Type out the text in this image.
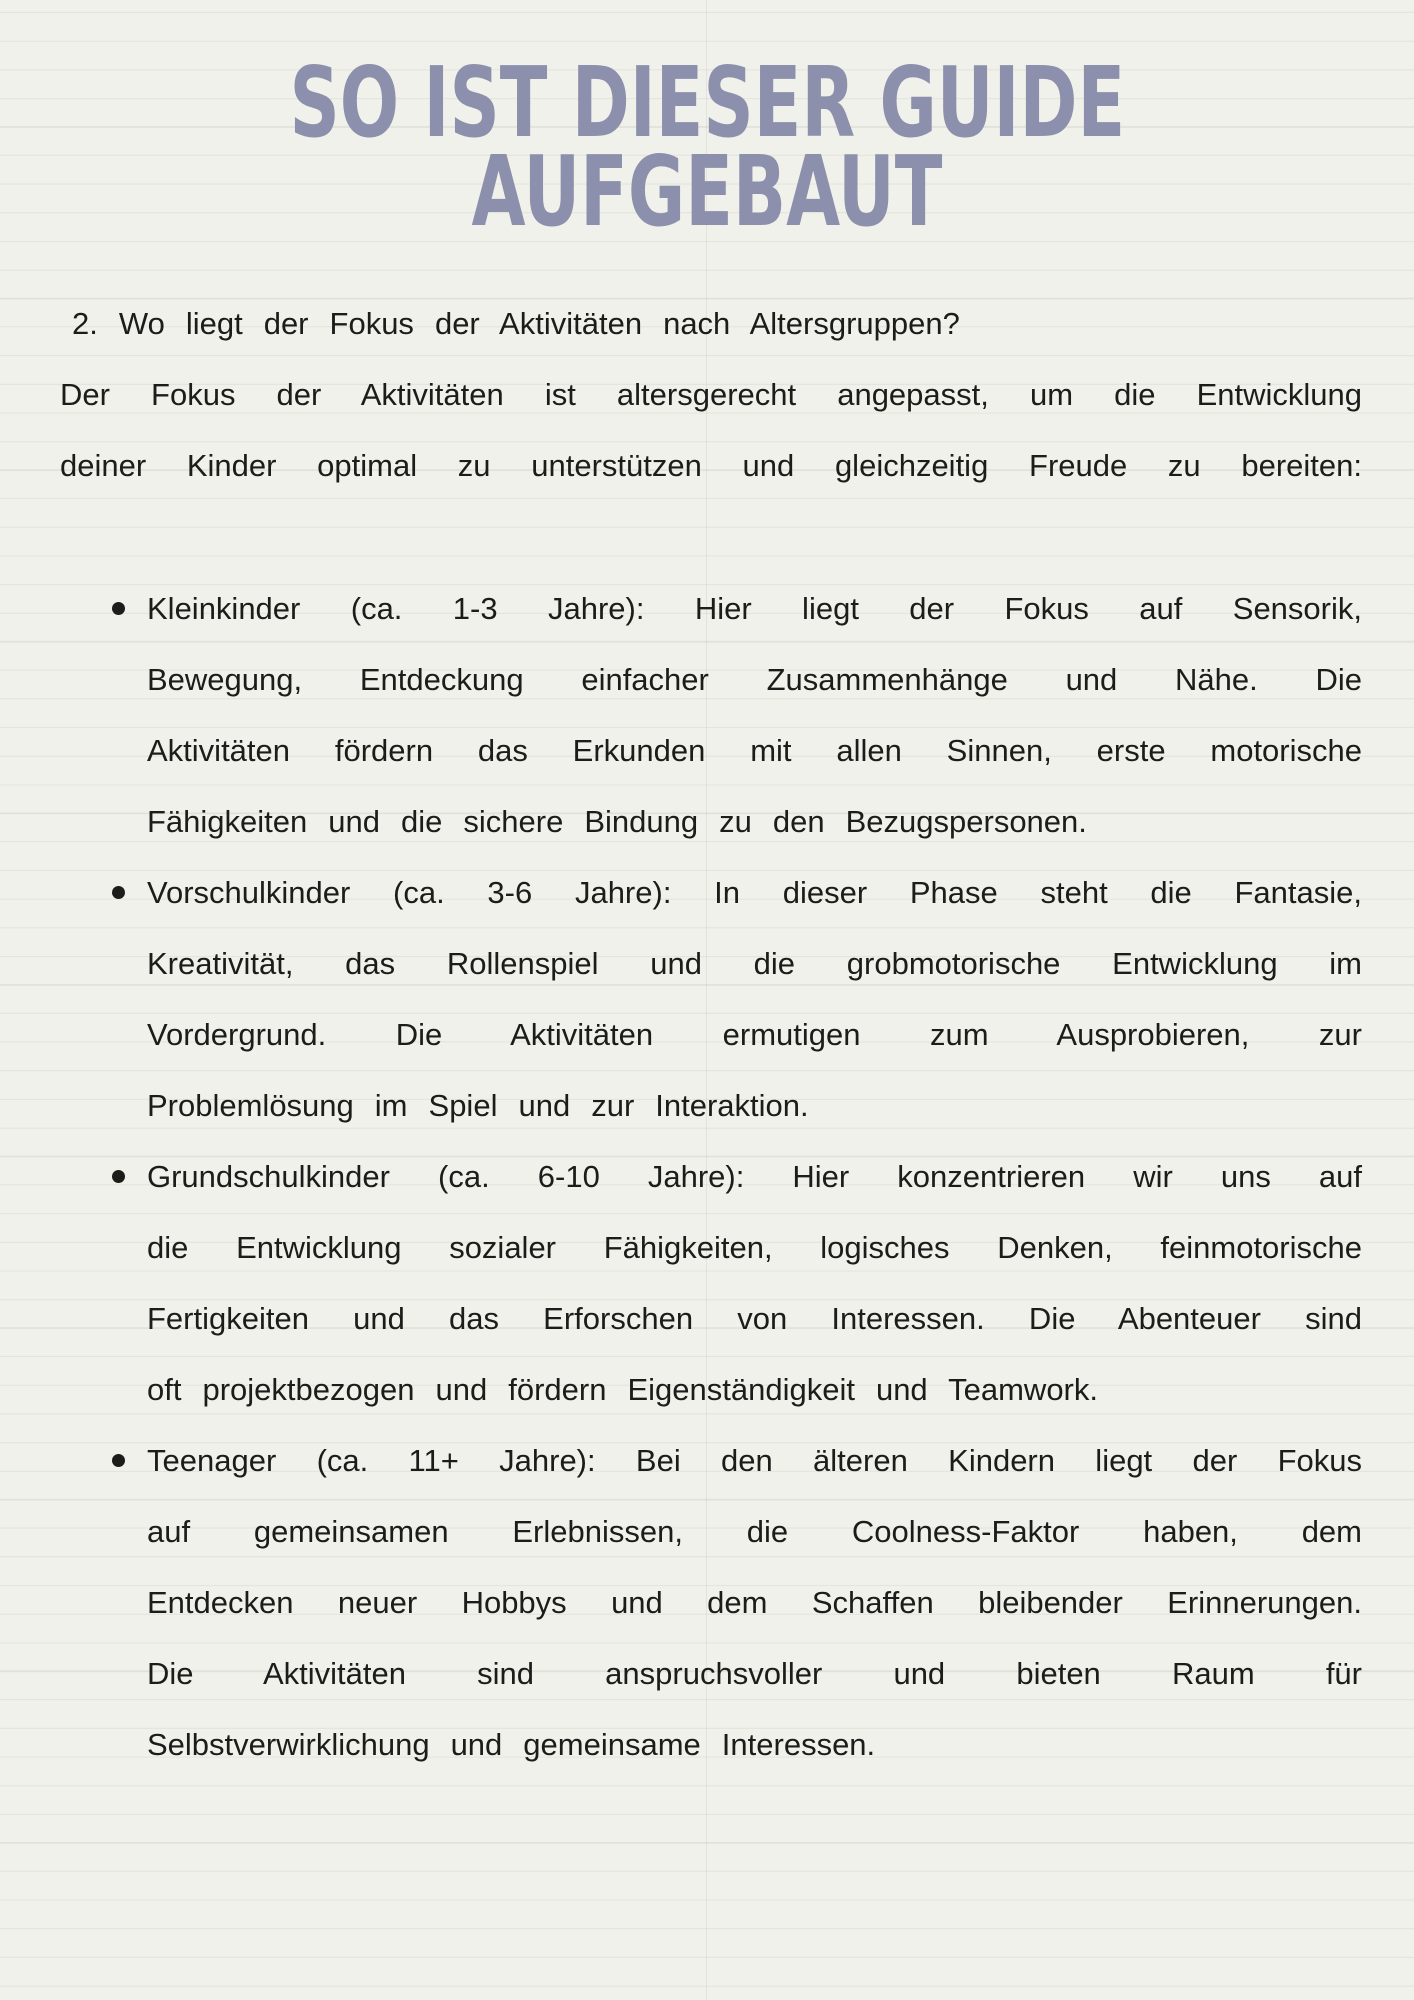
SO IST DIESER GUIDE
AUFGEBAUT
2. Wo liegt der Fokus der Aktivitäten nach Altersgruppen?
Der Fokus der Aktivitäten ist altersgerecht angepasst, um die Entwicklung
deiner Kinder optimal zu unterstützen und gleichzeitig Freude zu bereiten:
Kleinkinder (ca. 1-3 Jahre): Hier liegt der Fokus auf Sensorik,
Bewegung, Entdeckung einfacher Zusammenhänge und Nähe. Die
Aktivitäten fördern das Erkunden mit allen Sinnen, erste motorische
Fähigkeiten und die sichere Bindung zu den Bezugspersonen.
Vorschulkinder (ca. 3-6 Jahre): In dieser Phase steht die Fantasie,
Kreativität, das Rollenspiel und die grobmotorische Entwicklung im
Vordergrund. Die Aktivitäten ermutigen zum Ausprobieren, zur
Problemlösung im Spiel und zur Interaktion.
Grundschulkinder (ca. 6-10 Jahre): Hier konzentrieren wir uns auf
die Entwicklung sozialer Fähigkeiten, logisches Denken, feinmotorische
Fertigkeiten und das Erforschen von Interessen. Die Abenteuer sind
oft projektbezogen und fördern Eigenständigkeit und Teamwork.
Teenager (ca. 11+ Jahre): Bei den älteren Kindern liegt der Fokus
auf gemeinsamen Erlebnissen, die Coolness-Faktor haben, dem
Entdecken neuer Hobbys und dem Schaffen bleibender Erinnerungen.
Die Aktivitäten sind anspruchsvoller und bieten Raum für
Selbstverwirklichung und gemeinsame Interessen.
